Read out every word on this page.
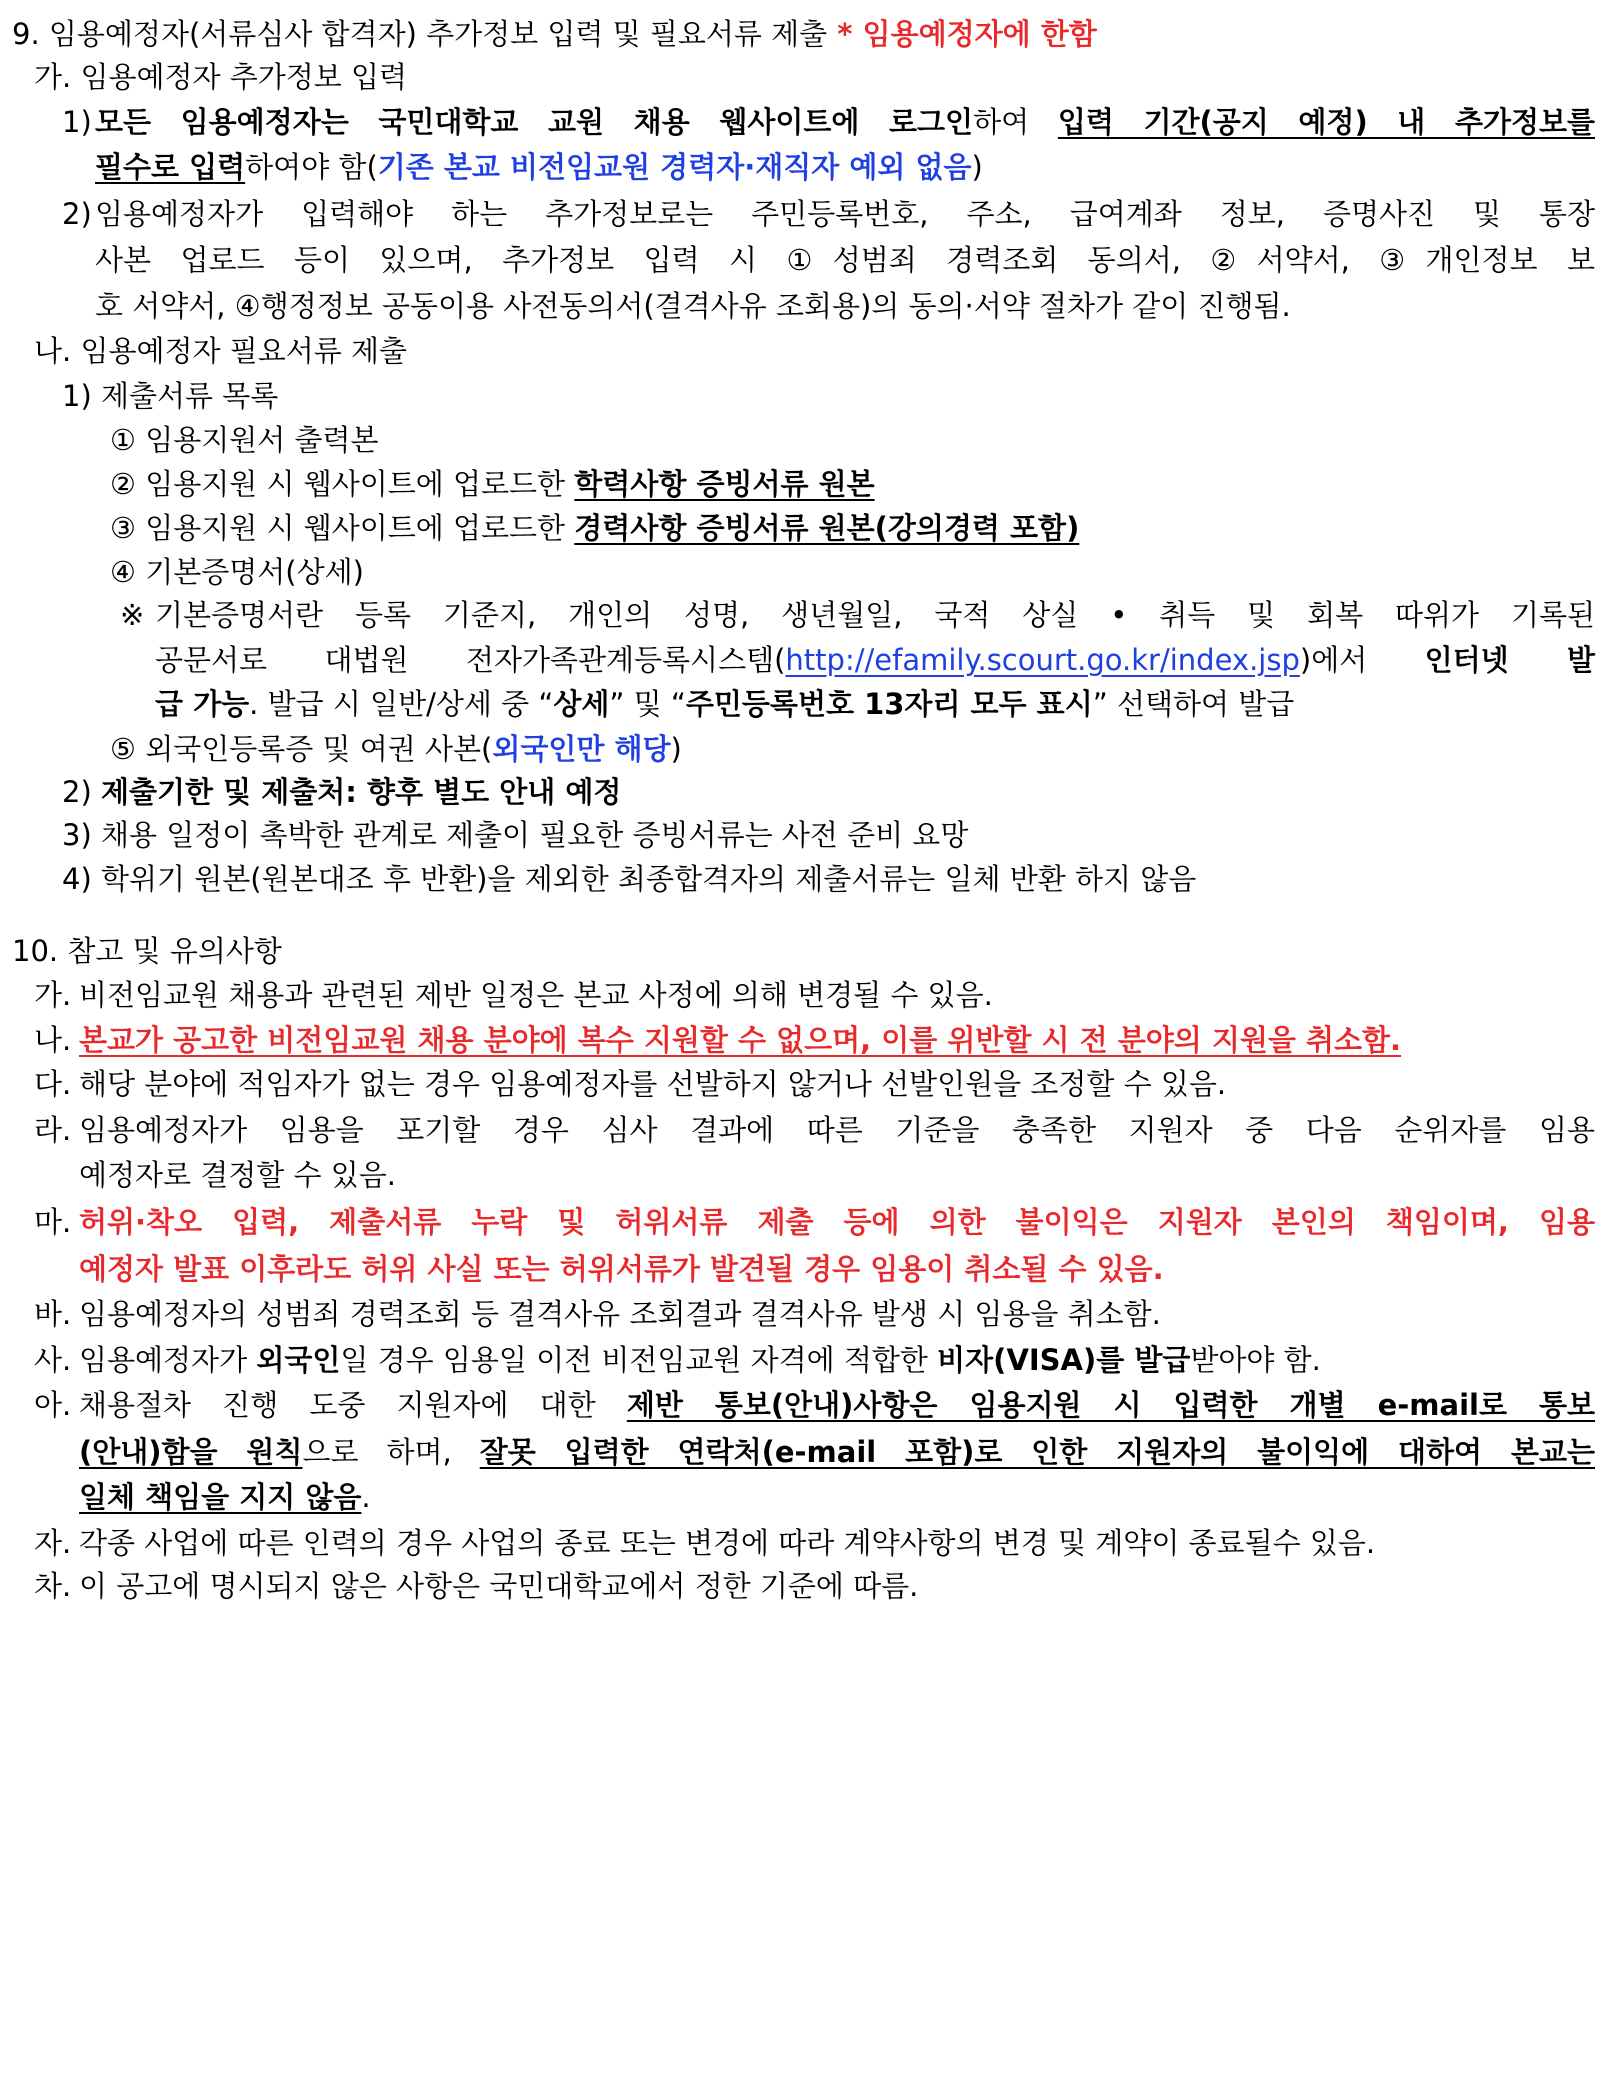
9. 임용예정자(서류심사 합격자) 추가정보 입력 및 필요서류 제출 * 임용예정자에 한함
가. 임용예정자 추가정보 입력
1) 모든 임용예정자는 국민대학교 교원 채용 웹사이트에 로그인하여 입력 기간(공지 예정) 내 추가정보를
필수로 입력하여야 함(기존 본교 비전임교원 경력자·재직자 예외 없음)
2) 임용예정자가 입력해야 하는 추가정보로는 주민등록번호, 주소, 급여계좌 정보, 증명사진 및 통장
사본 업로드 등이 있으며, 추가정보 입력 시 ①성범죄 경력조회 동의서, ②서약서, ③개인정보 보
호 서약서, ④행정정보 공동이용 사전동의서(결격사유 조회용)의 동의·서약 절차가 같이 진행됨.
나. 임용예정자 필요서류 제출
1) 제출서류 목록
① 임용지원서 출력본
② 임용지원 시 웹사이트에 업로드한 학력사항 증빙서류 원본
③ 임용지원 시 웹사이트에 업로드한 경력사항 증빙서류 원본(강의경력 포함)
④ 기본증명서(상세)
※ 기본증명서란 등록 기준지, 개인의 성명, 생년월일, 국적 상실 • 취득 및 회복 따위가 기록된
공문서로 대법원 전자가족관계등록시스템(http://efamily.scourt.go.kr/index.jsp)에서 인터넷 발
급 가능. 발급 시 일반/상세 중 “상세” 및 “주민등록번호 13자리 모두 표시” 선택하여 발급
⑤ 외국인등록증 및 여권 사본(외국인만 해당)
2) 제출기한 및 제출처: 향후 별도 안내 예정
3) 채용 일정이 촉박한 관계로 제출이 필요한 증빙서류는 사전 준비 요망
4) 학위기 원본(원본대조 후 반환)을 제외한 최종합격자의 제출서류는 일체 반환 하지 않음
10. 참고 및 유의사항
가. 비전임교원 채용과 관련된 제반 일정은 본교 사정에 의해 변경될 수 있음.
나. 본교가 공고한 비전임교원 채용 분야에 복수 지원할 수 없으며, 이를 위반할 시 전 분야의 지원을 취소함.
다. 해당 분야에 적임자가 없는 경우 임용예정자를 선발하지 않거나 선발인원을 조정할 수 있음.
라. 임용예정자가 임용을 포기할 경우 심사 결과에 따른 기준을 충족한 지원자 중 다음 순위자를 임용
예정자로 결정할 수 있음.
마. 허위·착오 입력, 제출서류 누락 및 허위서류 제출 등에 의한 불이익은 지원자 본인의 책임이며, 임용
예정자 발표 이후라도 허위 사실 또는 허위서류가 발견될 경우 임용이 취소될 수 있음.
바. 임용예정자의 성범죄 경력조회 등 결격사유 조회결과 결격사유 발생 시 임용을 취소함.
사. 임용예정자가 외국인일 경우 임용일 이전 비전임교원 자격에 적합한 비자(VISA)를 발급받아야 함.
아. 채용절차 진행 도중 지원자에 대한 제반 통보(안내)사항은 임용지원 시 입력한 개별 e-mail로 통보
(안내)함을 원칙으로 하며, 잘못 입력한 연락처(e-mail 포함)로 인한 지원자의 불이익에 대하여 본교는
일체 책임을 지지 않음.
자. 각종 사업에 따른 인력의 경우 사업의 종료 또는 변경에 따라 계약사항의 변경 및 계약이 종료될수 있음.
차. 이 공고에 명시되지 않은 사항은 국민대학교에서 정한 기준에 따름.
